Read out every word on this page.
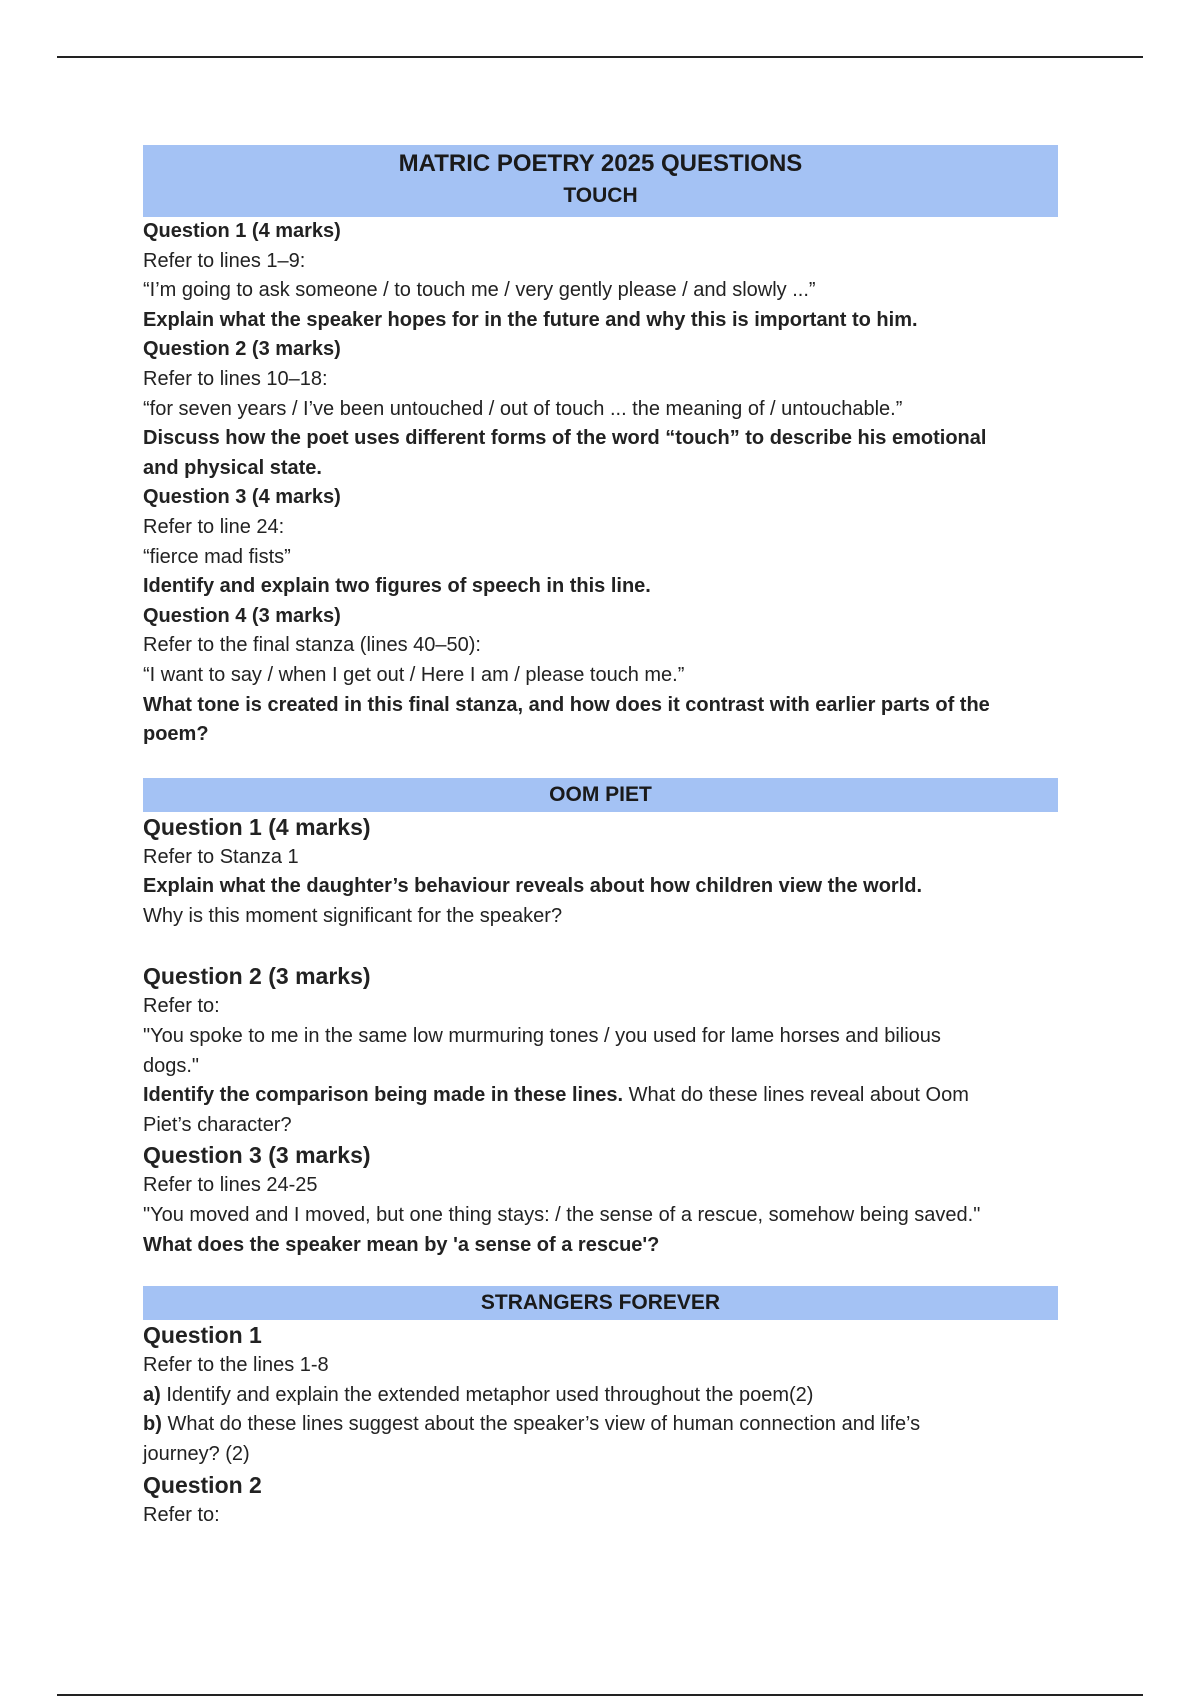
MATRIC POETRY 2025 QUESTIONS
TOUCH

Question 1 (4 marks)

Refer to lines 1–9:

“I’m going to ask someone / to touch me / very gently please / and slowly ...”

Explain what the speaker hopes for in the future and why this is important to him.

Question 2 (3 marks)

Refer to lines 10–18:

“for seven years / I’ve been untouched / out of touch ... the meaning of / untouchable.”

Discuss how the poet uses different forms of the word “touch” to describe his emotional

and physical state.

Question 3 (4 marks)

Refer to line 24:

“fierce mad fists”

Identify and explain two figures of speech in this line.

Question 4 (3 marks)

Refer to the final stanza (lines 40–50):

“I want to say / when I get out / Here I am / please touch me.”

What tone is created in this final stanza, and how does it contrast with earlier parts of the

poem?

OOM PIET

Question 1 (4 marks)

Refer to Stanza 1

Explain what the daughter’s behaviour reveals about how children view the world.

Why is this moment significant for the speaker?

Question 2 (3 marks)

Refer to:

"You spoke to me in the same low murmuring tones / you used for lame horses and bilious

dogs."

Identify the comparison being made in these lines. What do these lines reveal about Oom

Piet’s character?

Question 3 (3 marks)

Refer to lines 24-25

"You moved and I moved, but one thing stays: / the sense of a rescue, somehow being saved."

What does the speaker mean by 'a sense of a rescue'?

STRANGERS FOREVER

Question 1

Refer to the lines 1-8

a) Identify and explain the extended metaphor used throughout the poem(2)

b) What do these lines suggest about the speaker’s view of human connection and life’s

journey? (2)

Question 2

Refer to:
